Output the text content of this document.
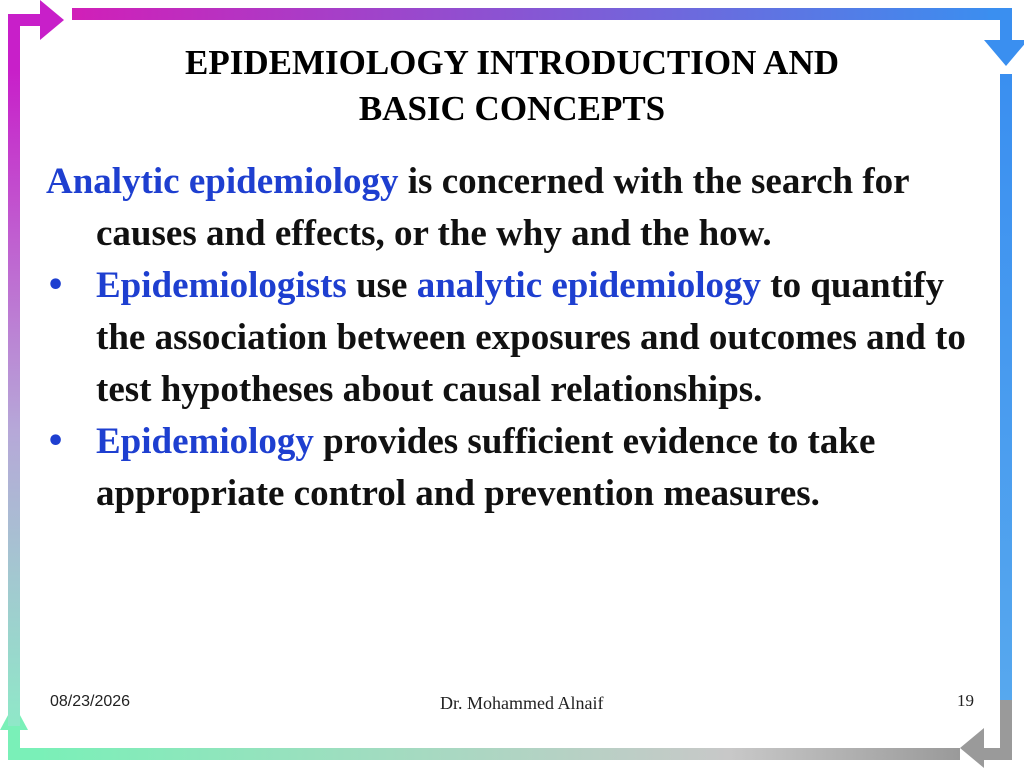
EPIDEMIOLOGY INTRODUCTION AND
BASIC CONCEPTS

Analytic epidemiology is concerned with the search for causes and effects, or the why and the how.

• Epidemiologists use analytic epidemiology to quantify the association between exposures and outcomes and to test hypotheses about causal relationships.

• Epidemiology provides sufficient evidence to take appropriate control and prevention measures.

08/23/2026	Dr. Mohammed Alnaif	19
